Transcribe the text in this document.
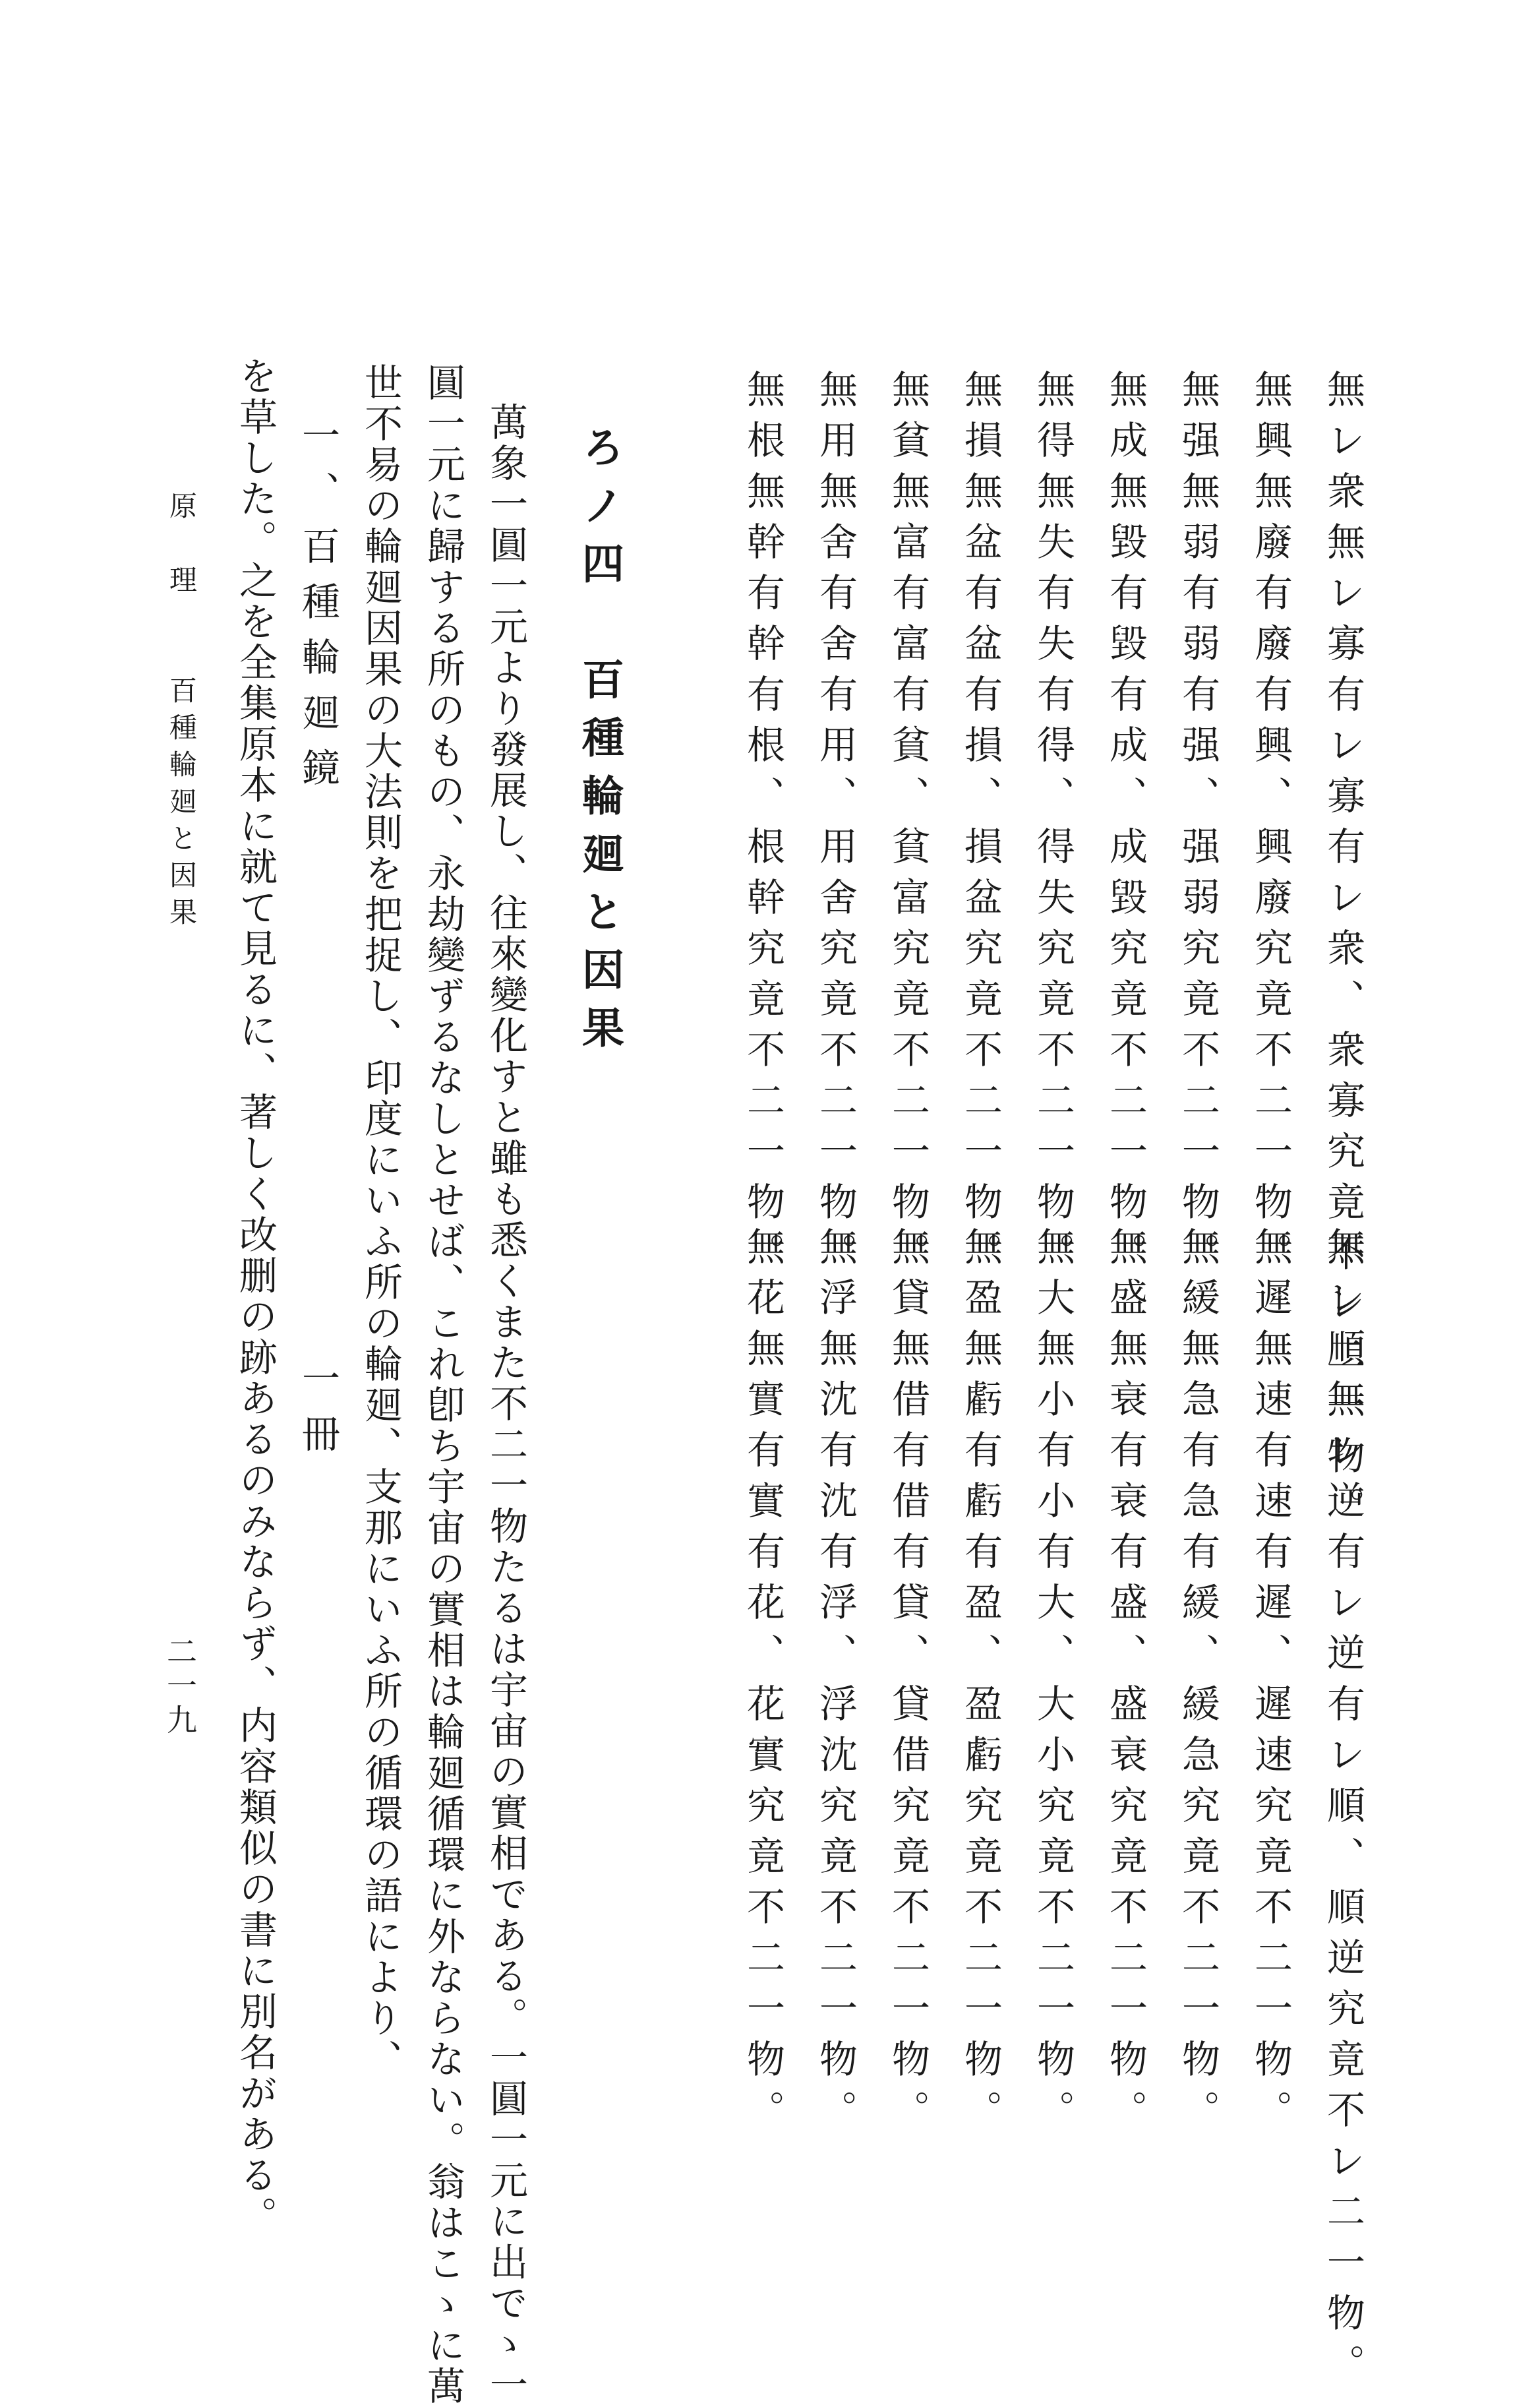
無レ衆無レ寡有レ寡有レ衆、衆寡究竟不レ二一物。
無興無廢有廢有興、興廢究竟不二一物。
無强無弱有弱有强、强弱究竟不二一物。
無成無毀有毀有成、成毀究竟不二一物。
無得無失有失有得、得失究竟不二一物。
無損無盆有盆有損、損盆究竟不二一物。
無貧無富有富有貧、貧富究竟不二一物。
無用無舍有舍有用、用舍究竟不二一物。
無根無幹有幹有根、根幹究竟不二一物。
無レ順無レ逆有レ逆有レ順、順逆究竟不レ二一物。
無遲無速有速有遲、遲速究竟不二一物。
無緩無急有急有緩、緩急究竟不二一物。
無盛無衰有衰有盛、盛衰究竟不二一物。
無大無小有小有大、大小究竟不二一物。
無盈無虧有虧有盈、盈虧究竟不二一物。
無貸無借有借有貸、貸借究竟不二一物。
無浮無沈有沈有浮、浮沈究竟不二一物。
無花無實有實有花、花實究竟不二一物。
ろノ四　百種輪廻と因果
萬象一圓一元より發展し、往來變化すと雖も悉くまた不二一物たるは宇宙の實相である。一圓一元に出でゝ一
圓一元に歸する所のもの、永劫變ずるなしとせば、これ卽ち宇宙の實相は輪廻循環に外ならない。翁はこゝに萬
世不易の輪廻因果の大法則を把捉し、印度にいふ所の輪廻、支那にいふ所の循環の語により、
一、百種輪廻鏡
一冊
を草した。之を全集原本に就て見るに、著しく改删の跡あるのみならず、内容類似の書に別名がある。
原　理　　百種輪廻と因果
二一九
